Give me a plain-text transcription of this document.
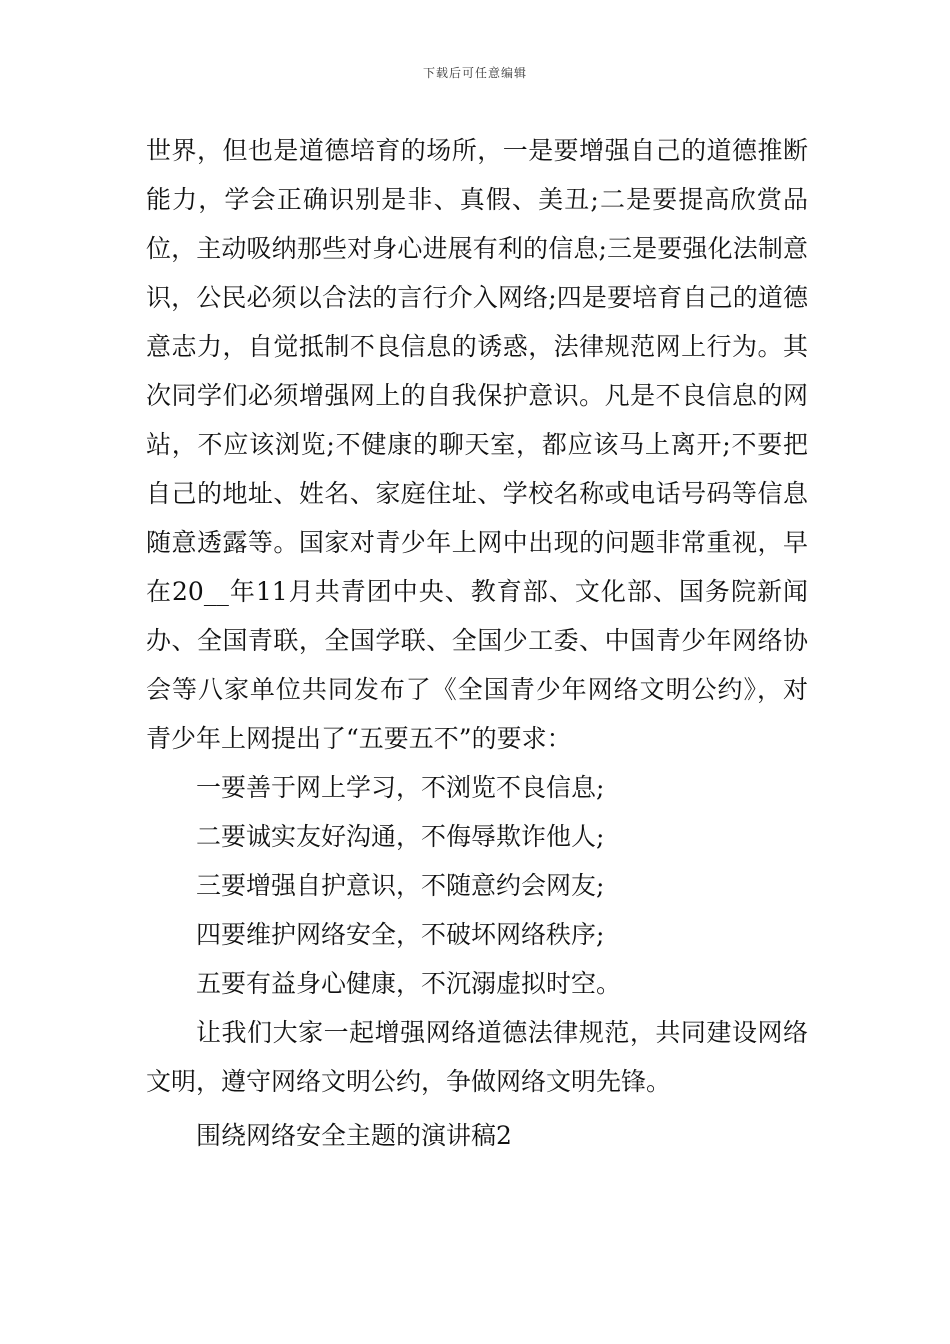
下载后可任意编辑

世界，但也是道德培育的场所，一是要增强自己的道德推断能力，学会正确识别是非、真假、美丑;二是要提高欣赏品位，主动吸纳那些对身心进展有利的信息;三是要强化法制意识，公民必须以合法的言行介入网络;四是要培育自己的道德意志力，自觉抵制不良信息的诱惑，法律规范网上行为。其次同学们必须增强网上的自我保护意识。凡是不良信息的网站，不应该浏览;不健康的聊天室，都应该马上离开;不要把自己的地址、姓名、家庭住址、学校名称或电话号码等信息随意透露等。国家对青少年上网中出现的问题非常重视，早在20__年11月共青团中央、教育部、文化部、国务院新闻办、全国青联，全国学联、全国少工委、中国青少年网络协会等八家单位共同发布了《全国青少年网络文明公约》，对青少年上网提出了“五要五不”的要求：

一要善于网上学习，不浏览不良信息;

二要诚实友好沟通，不侮辱欺诈他人;

三要增强自护意识，不随意约会网友;

四要维护网络安全，不破坏网络秩序;

五要有益身心健康，不沉溺虚拟时空。

让我们大家一起增强网络道德法律规范，共同建设网络文明，遵守网络文明公约，争做网络文明先锋。

围绕网络安全主题的演讲稿2
